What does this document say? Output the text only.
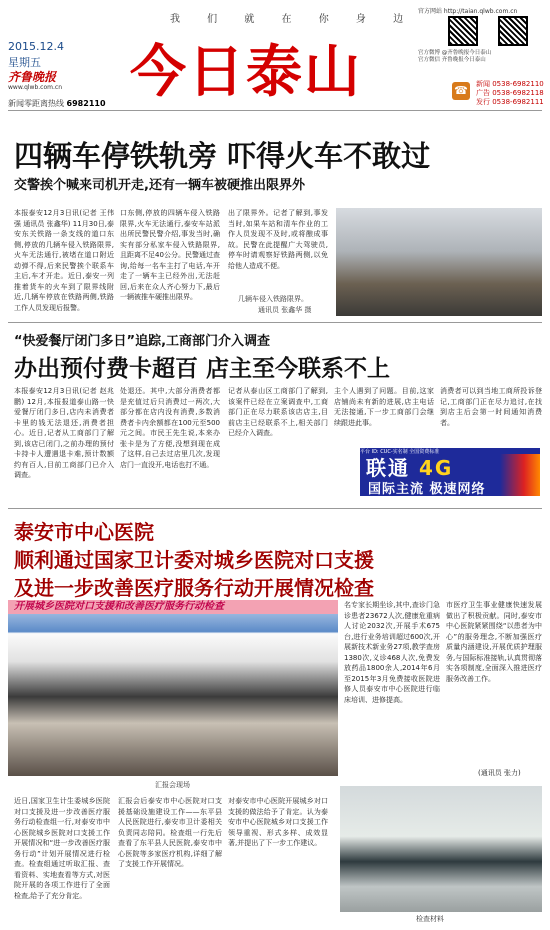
我 们 就 在 你 身 边
2015.12.4
星期五
齐鲁晚报
www.qlwb.com.cn
新闻零距离热线 6982110 今日泰山
官方网站 http://taian.qlwb.com.cn
官方微博 @齐鲁晚报今日泰山
官方微信 齐鲁晚报今日泰山
☎	新闻 0538-6982110
广告 0538-6982118
发行 0538-6982111
四辆车停铁轨旁 吓得火车不敢过
交警挨个喊来司机开走,还有一辆车被硬推出限界外
本报泰安12月3日讯(记者 王伟强 通讯员 张鑫华) 11月30日,泰安东关铁路一条支线的道口东侧,停放的几辆车侵入铁路限界,火车无法通行,被堵在道口附近动弹不得,后来民警挨个联系车主后,车才开走。近日,泰安一列推着货车的火车到了限界线附近,几辆车停放在铁路两侧,铁路工作人员发现后报警。
口东侧,停放的四辆车侵入铁路限界,火车无法通行,泰安车站派出所民警民警介绍,事发当时,确实有部分私家车侵入铁路限界,且距离不足40公分。民警通过查询,给每一名车主打了电话,车开走了一辆车主已经外出,无法赶回,后来在众人齐心努力下,最后一辆被推车硬推出限界。
出了限界外。记者了解到,事发当时,如果车站和清车作业的工作人员发现不及时,或将酿成事故。民警在此提醒广大驾驶员,停车时请观察好铁路两侧,以免给他人造成不便。
几辆车侵入铁路限界。
通讯员 张鑫华 摄
“快爱餐厅闭门多日”追踪,工商部门介入调查
办出预付费卡超百 店主至今联系不上
本报泰安12月3日讯(记者 赵兆鹏) 12月,本报报道泰山路一快爱餐厅闭门多日,店内未消费者卡里的钱无法退还,消费者担心。近日,记者从工商部门了解到,该店已闭门,之前办理的预付卡持卡人遭遇退卡难,预计数额约有百人,目前工商部门已介入调查。
处退还。其中,大部分消费者都是充值过后只消费过一两次,大部分都在店内没有消费,多数消费者卡内余额都在100元至500元之间。市民王先生说,本来办张卡是为了方便,没想到现在成了这样,自己去过店里几次,发现店门一直没开,电话也打不通。
记者从泰山区工商部门了解到,该案件已经在立案调查中,工商部门正在尽力联系该店店主,目前店主已经联系不上,相关部门已经介入调查。
主个人遇到了问题。目前,这家店铺尚未有新的进展,店主电话无法接通,下一步工商部门会继续跟进此事。
消费者可以到当地工商所投诉登记,工商部门正在尽力追讨,在找到店主后会第一时间通知消费者。
平台 ID: CUC-实名制 全国资费标准
联通 4G
国际主流 极速网络
泰安市中心医院
顺利通过国家卫计委对城乡医院对口支援
及进一步改善医疗服务行动开展情况检查
开展城乡医院对口支援和改善医疗服务行动检查
汇报会现场
名专家长期坐诊,其中,查诊门急诊患者23672人次,健康危重病人讨论2032次,开展手术675台,进行业务培训超过600次,开展新技术新业务27项,教学查房1380次,义诊468人次,免费发放药品1800余人,2014年6月至2015年3月免费接收医院进修人员泰安市中心医院进行临床培训、进修提高。
市医疗卫生事业健康快速发展做出了积极贡献。同时,泰安市中心医院紧紧围绕“以患者为中心”的服务理念,不断加强医疗质量内涵建设,开展优质护理服务,与国际标准接轨,认真贯彻落实各项制度,全面深入推进医疗服务改善工作。
(通讯员 张力)
近日,国家卫生计生委城乡医院对口支援及进一步改善医疗服务行动检查组一行,对泰安市中心医院城乡医院对口支援工作开展情况和“进一步改善医疗服务行动”计划开展情况进行检查。检查组通过听取汇报、查看资料、实地查看等方式,对医院开展的各项工作进行了全面检查,给予了充分肯定。
汇报会后泰安市中心医院对口支援基础设施建设工作——东平县人民医院进行,泰安市卫计委相关负责同志陪同。检查组一行先后查看了东平县人民医院,泰安市中心医院等多家医疗机构,详细了解了支援工作开展情况。
对泰安市中心医院开展城乡对口支援的做法给予了肯定。认为泰安市中心医院城乡对口支援工作领导重视、形式多样、成效显著,并提出了下一步工作建议。
检查材料
